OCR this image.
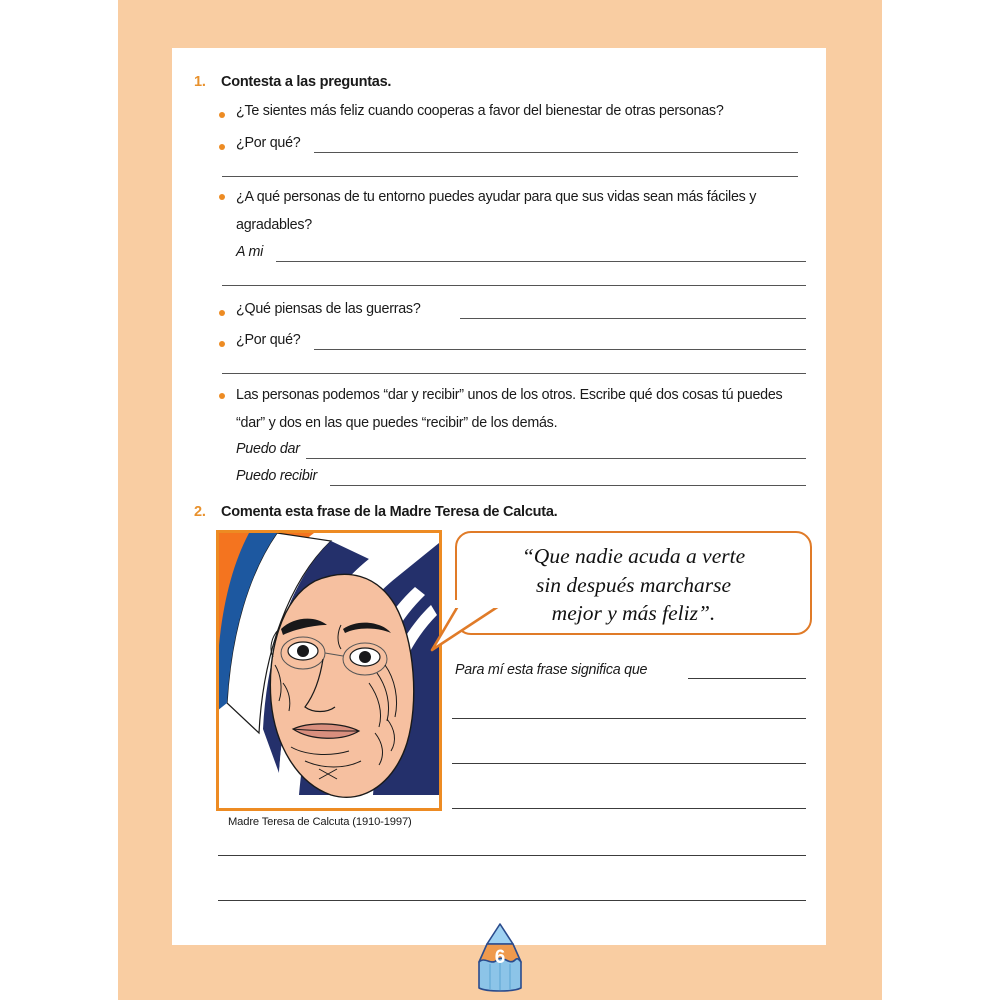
1. Contesta a las preguntas.
¿Te sientes más feliz cuando cooperas a favor del bienestar de otras personas?
¿Por qué?
¿A qué personas de tu entorno puedes ayudar para que sus vidas sean más fáciles y agradables?
A mi
¿Qué piensas de las guerras?
¿Por qué?
Las personas podemos “dar y recibir” unos de los otros. Escribe qué dos cosas tú puedes “dar” y dos en las que puedes “recibir” de los demás.
Puedo dar
Puedo recibir
2. Comenta esta frase de la Madre Teresa de Calcuta.
Madre Teresa de Calcuta (1910-1997)
“Que nadie acuda a verte
sin después marcharse
mejor y más feliz”.
Para mí esta frase significa que
6
